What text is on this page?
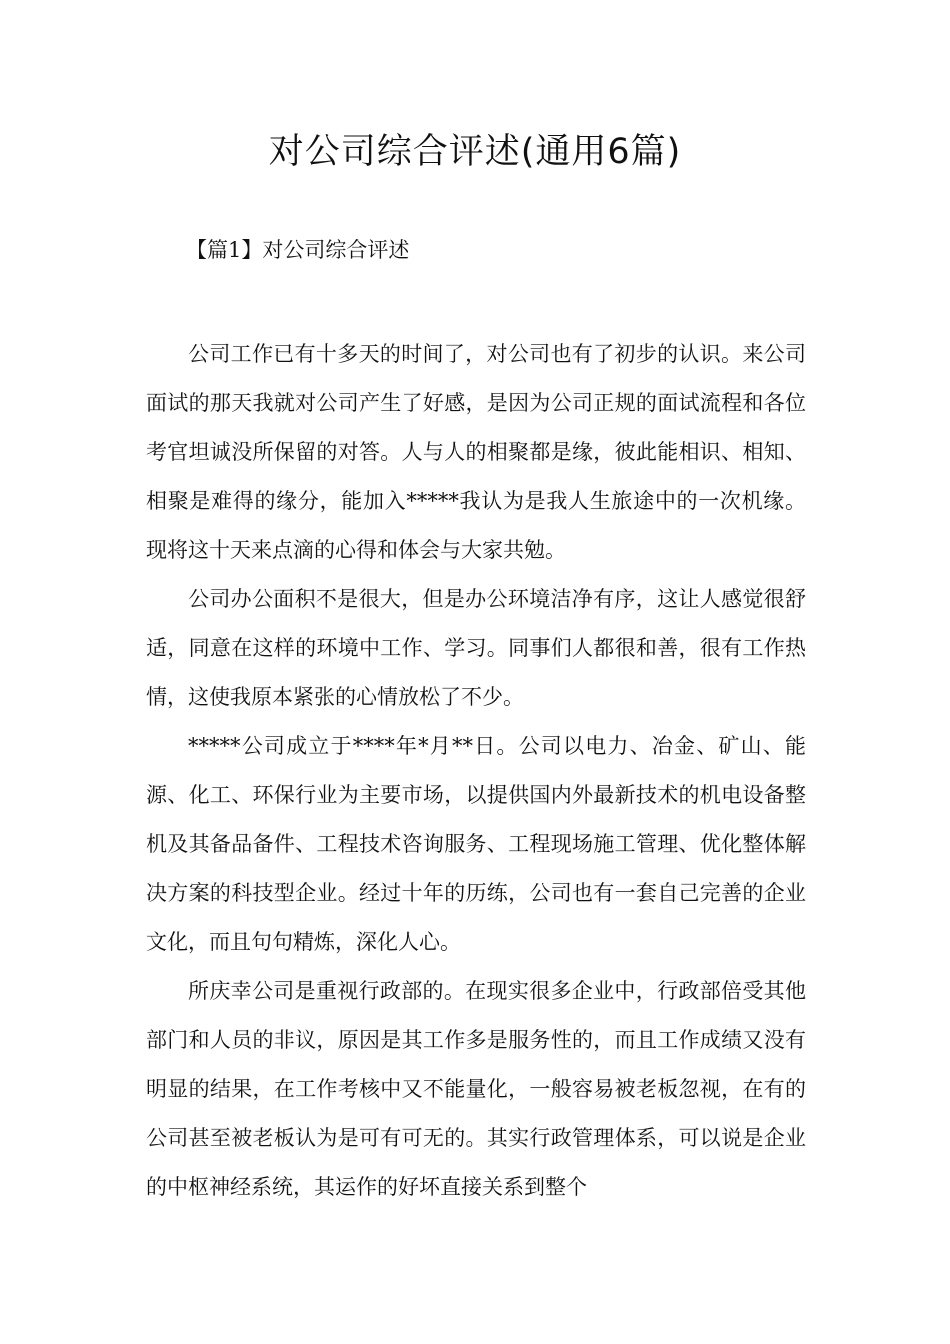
对公司综合评述(通用6篇)
【篇1】对公司综合评述

公司工作已有十多天的时间了，对公司也有了初步的认识。来公司面试的那天我就对公司产生了好感，是因为公司正规的面试流程和各位考官坦诚没所保留的对答。人与人的相聚都是缘，彼此能相识、相知、相聚是难得的缘分，能加入*****我认为是我人生旅途中的一次机缘。现将这十天来点滴的心得和体会与大家共勉。

公司办公面积不是很大，但是办公环境洁净有序，这让人感觉很舒适，同意在这样的环境中工作、学习。同事们人都很和善，很有工作热情，这使我原本紧张的心情放松了不少。

*****公司成立于****年*月**日。公司以电力、冶金、矿山、能源、化工、环保行业为主要市场，以提供国内外最新技术的机电设备整机及其备品备件、工程技术咨询服务、工程现场施工管理、优化整体解决方案的科技型企业。经过十年的历练，公司也有一套自己完善的企业文化，而且句句精炼，深化人心。

所庆幸公司是重视行政部的。在现实很多企业中，行政部倍受其他部门和人员的非议，原因是其工作多是服务性的，而且工作成绩又没有明显的结果，在工作考核中又不能量化，一般容易被老板忽视，在有的公司甚至被老板认为是可有可无的。其实行政管理体系，可以说是企业的中枢神经系统，其运作的好坏直接关系到整个
